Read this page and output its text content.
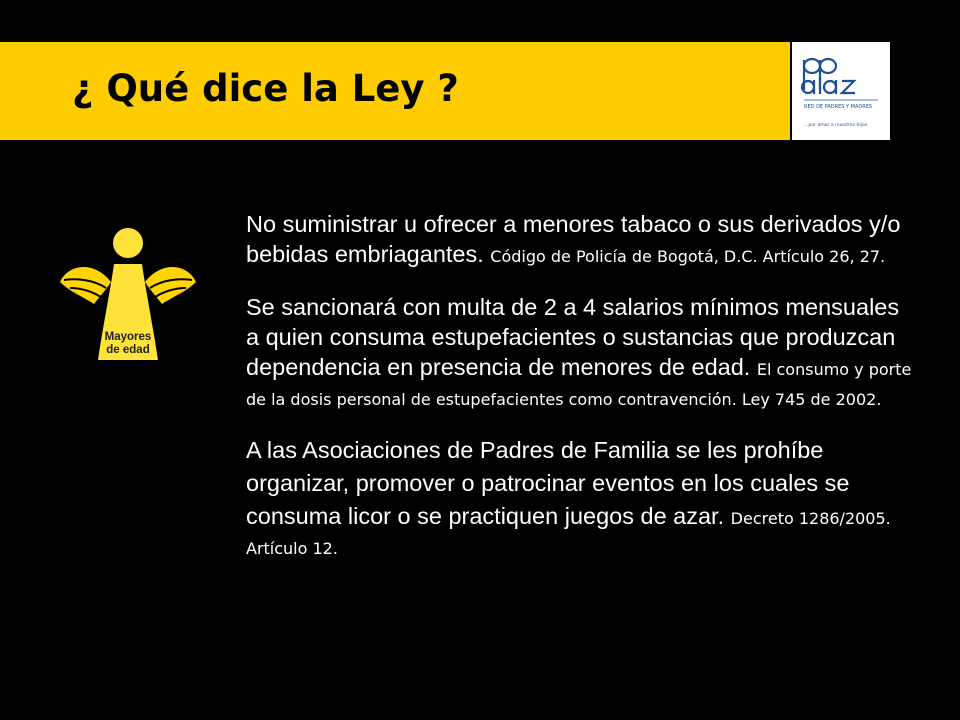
¿ Qué dice la Ley ?	RED DE PADRES Y MADRES
...por amor a nuestros hijos.
Mayores
de edad

No suministrar u ofrecer a menores tabaco o sus derivados y/o bebidas embriagantes. Código de Policía de Bogotá, D.C. Artículo 26, 27.

Se sancionará con multa de 2 a 4 salarios mínimos mensuales a quien consuma estupefacientes o sustancias que produzcan dependencia en presencia de menores de edad. El consumo y porte de la dosis personal de estupefacientes como contravención. Ley 745 de 2002.

A las Asociaciones de Padres de Familia se les prohíbe organizar, promover o patrocinar eventos en los cuales se consuma licor o se practiquen juegos de azar. Decreto 1286/2005. Artículo 12.
